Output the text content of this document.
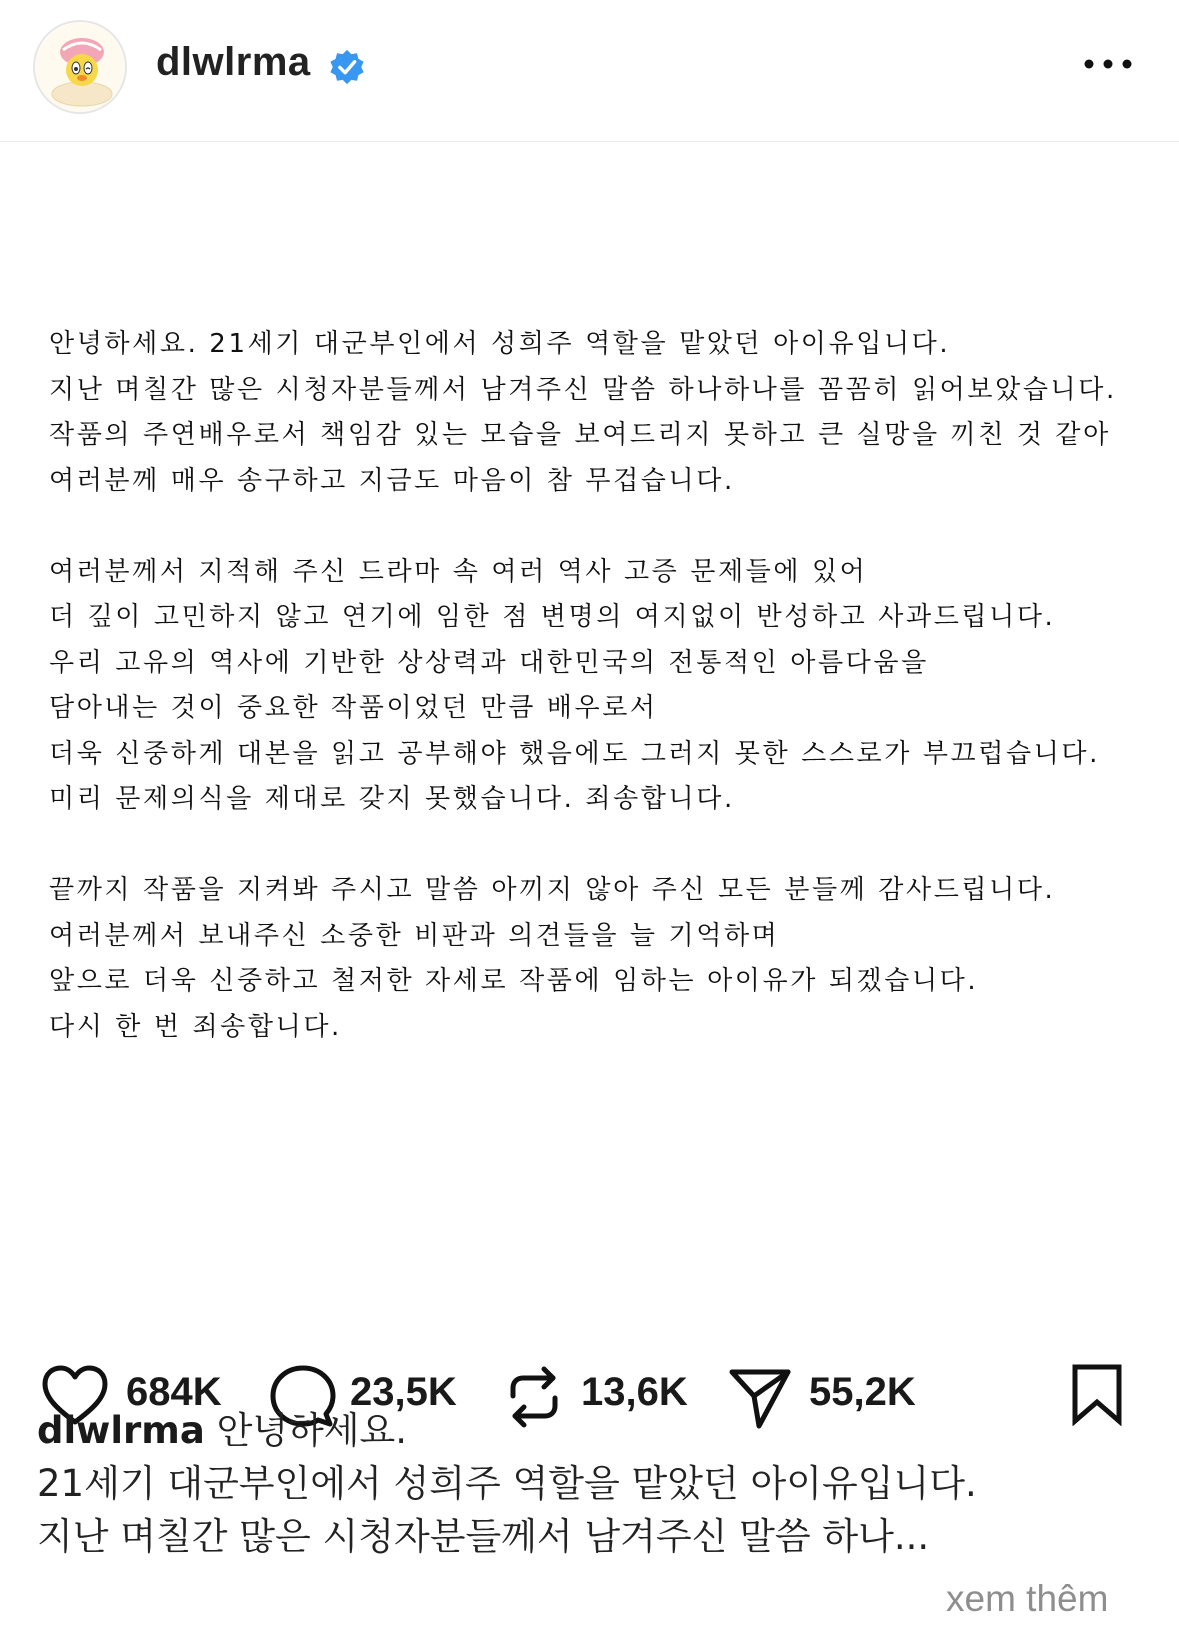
dlwlrma
안녕하세요. 21세기 대군부인에서 성희주 역할을 맡았던 아이유입니다.
지난 며칠간 많은 시청자분들께서 남겨주신 말씀 하나하나를 꼼꼼히 읽어보았습니다.
작품의 주연배우로서 책임감 있는 모습을 보여드리지 못하고 큰 실망을 끼친 것 같아
여러분께 매우 송구하고 지금도 마음이 참 무겁습니다.
여러분께서 지적해 주신 드라마 속 여러 역사 고증 문제들에 있어
더 깊이 고민하지 않고 연기에 임한 점 변명의 여지없이 반성하고 사과드립니다.
우리 고유의 역사에 기반한 상상력과 대한민국의 전통적인 아름다움을
담아내는 것이 중요한 작품이었던 만큼 배우로서
더욱 신중하게 대본을 읽고 공부해야 했음에도 그러지 못한 스스로가 부끄럽습니다.
미리 문제의식을 제대로 갖지 못했습니다. 죄송합니다.
끝까지 작품을 지켜봐 주시고 말씀 아끼지 않아 주신 모든 분들께 감사드립니다.
여러분께서 보내주신 소중한 비판과 의견들을 늘 기억하며
앞으로 더욱 신중하고 철저한 자세로 작품에 임하는 아이유가 되겠습니다.
다시 한 번 죄송합니다.
684K	23,5K	13,6K	55,2K
dlwlrma 안녕하세요.
21세기 대군부인에서 성희주 역할을 맡았던 아이유입니다.
지난 며칠간 많은 시청자분들께서 남겨주신 말씀 하나...
xem thêm
